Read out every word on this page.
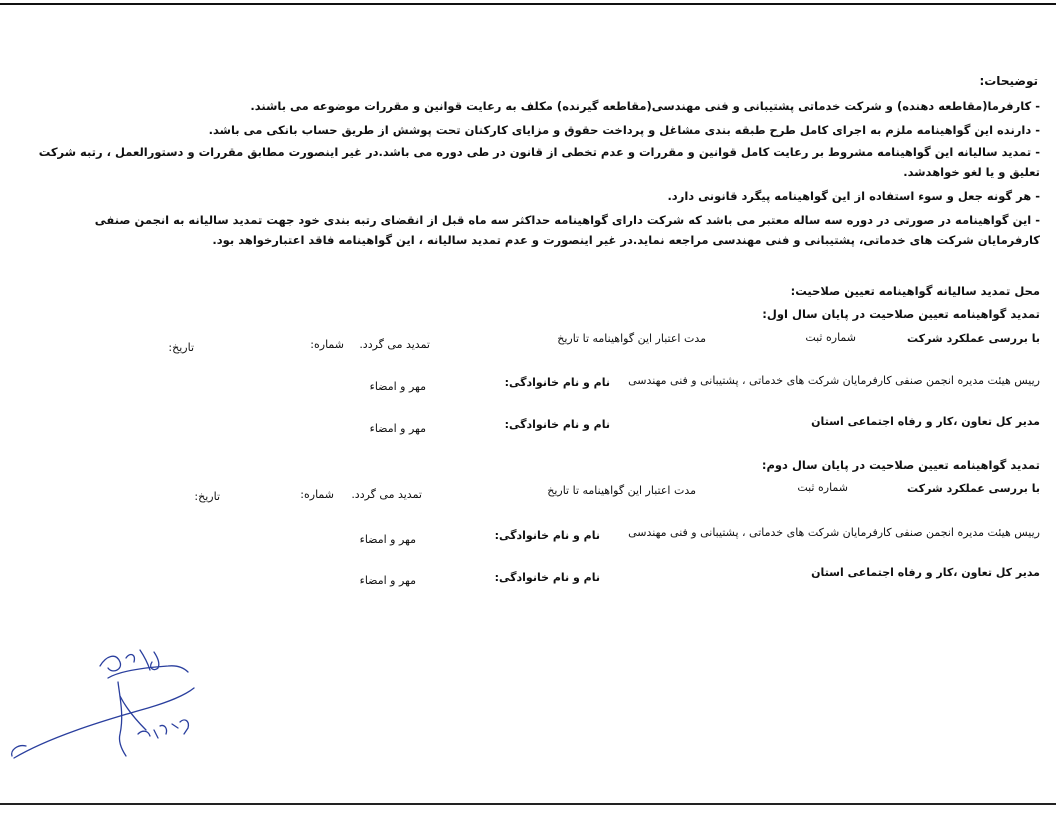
توضیحات:
- کارفرما(مقاطعه دهنده) و شرکت خدماتی پشتیبانی و فنی مهندسی(مقاطعه گیرنده) مکلف به رعایت قوانین و مقررات موضوعه می باشند.
- دارنده این گواهینامه ملزم به اجرای کامل طرح طبقه بندی مشاغل و پرداخت حقوق و مزایای کارکنان تحت پوشش از طریق حساب بانکی می باشد.
- تمدید سالیانه این گواهینامه مشروط بر رعایت کامل قوانین و مقررات و عدم تخطی از قانون در طی دوره می باشد.در غیر اینصورت مطابق مقررات و دستورالعمل ، رتبه شرکت تعلیق و یا لغو خواهدشد.
- هر گونه جعل و سوء استفاده از این گواهینامه پیگرد قانونی دارد.
- این گواهینامه در صورتی در دوره سه ساله معتبر می باشد که شرکت دارای گواهینامه حداکثر سه ماه قبل از انقضای رتبه بندی خود جهت تمدید سالیانه به انجمن صنفی کارفرمایان شرکت های خدماتی، پشتیبانی و فنی مهندسی مراجعه نماید.در غیر اینصورت و عدم تمدید سالیانه ، این گواهینامه فاقد اعتبارخواهد بود.
محل تمدید سالیانه گواهینامه تعیین صلاحیت:
تمدید گواهینامه تعیین صلاحیت در پایان سال اول:
با بررسی عملکرد شرکت
شماره ثبت
مدت اعتبار این گواهینامه تا تاریخ
تمدید می گردد.
شماره:
تاریخ:
رییس هیئت مدیره انجمن صنفی کارفرمایان شرکت های خدماتی ، پشتیبانی و فنی مهندسی
نام و نام خانوادگی:
مهر و امضاء
مدیر کل تعاون ،کار و رفاه اجتماعی استان
نام و نام خانوادگی:
مهر و امضاء
تمدید گواهینامه تعیین صلاحیت در پایان سال دوم:
با بررسی عملکرد شرکت
شماره ثبت
مدت اعتبار این گواهینامه تا تاریخ
تمدید می گردد.
شماره:
تاریخ:
رییس هیئت مدیره انجمن صنفی کارفرمایان شرکت های خدماتی ، پشتیبانی و فنی مهندسی
نام و نام خانوادگی:
مهر و امضاء
مدیر کل تعاون ،کار و رفاه اجتماعی استان
نام و نام خانوادگی:
مهر و امضاء
